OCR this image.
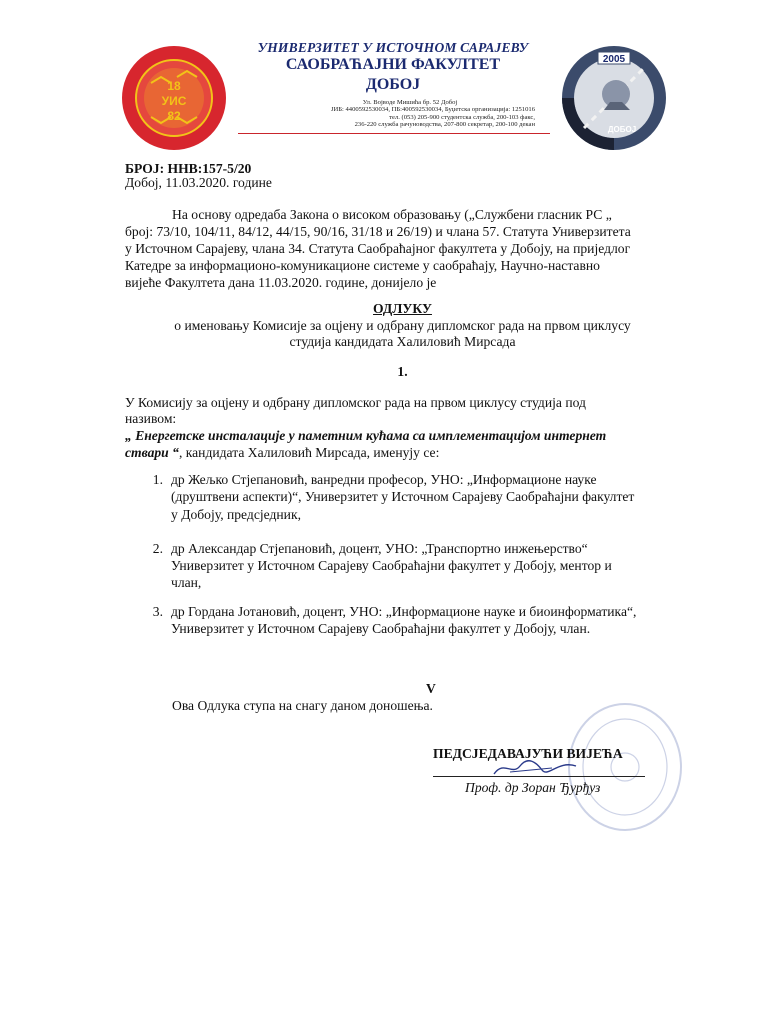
18
УИС
82
УНИВЕРЗИТЕТ У ИСТОЧНОМ САРАЈЕВУ
САОБРАЋАЈНИ ФАКУЛТЕТ
ДОБОЈ
Ул. Војводе Мишића бр. 52 Добој
ЈИБ: 4400592530034, ПБ:400592530034, Буџетска организација: 1251016
тел. (053) 205-900 студентска служба, 200-103 факс,
236-220 служба рачуноводства, 207-800 секретар, 200-100 декан
2005
ДОБОЈ
БРОЈ: ННВ:157-5/20
Добој, 11.03.2020. године
На основу одредаба Закона о високом образовању („Службени гласник РС „
број: 73/10, 104/11, 84/12, 44/15, 90/16, 31/18 и 26/19) и члана 57. Статута Универзитета
у Источном Сарајеву, члана 34. Статута Саобраћајног факултета у Добоју, на приједлог
Катедре за информационо-комуникационе системе у саобраћају, Научно-наставно
вијеће Факултета дана 11.03.2020. године, донијело је
ОДЛУКУ
о именовању Комисије за оцјену и одбрану дипломског рада на првом циклусу
студија кандидата Халиловић Мирсада
1.
У Комисију за оцјену и одбрану дипломског рада на првом циклусу студија под
називом:
„ Енергетске инсталације у паметним кућама са имплементацијом интернет
ствари “, кандидата Халиловић Мирсада, именују се:
1. др Жељко Стјепановић, ванредни професор, УНО: „Информационе науке
(друштвени аспекти)“, Универзитет у Источном Сарајеву Саобраћајни факултет
у Добоју, предсједник,
2. др Александар Стјепановић, доцент, УНО: „Транспортно инжењерство“
Универзитет у Источном Сарајеву Саобраћајни факултет у Добоју, ментор и
члан,
3. др Гордана Јотановић, доцент, УНО: „Информационе науке и биоинформатика“,
Универзитет у Источном Сарајеву Саобраћајни факултет у Добоју, члан.
V
Ова Одлука ступа на снагу даном доношења.
ПЕДСЈЕДАВАЈУЋИ ВИЈЕЋА
Проф. др Зоран Ђурђуз
